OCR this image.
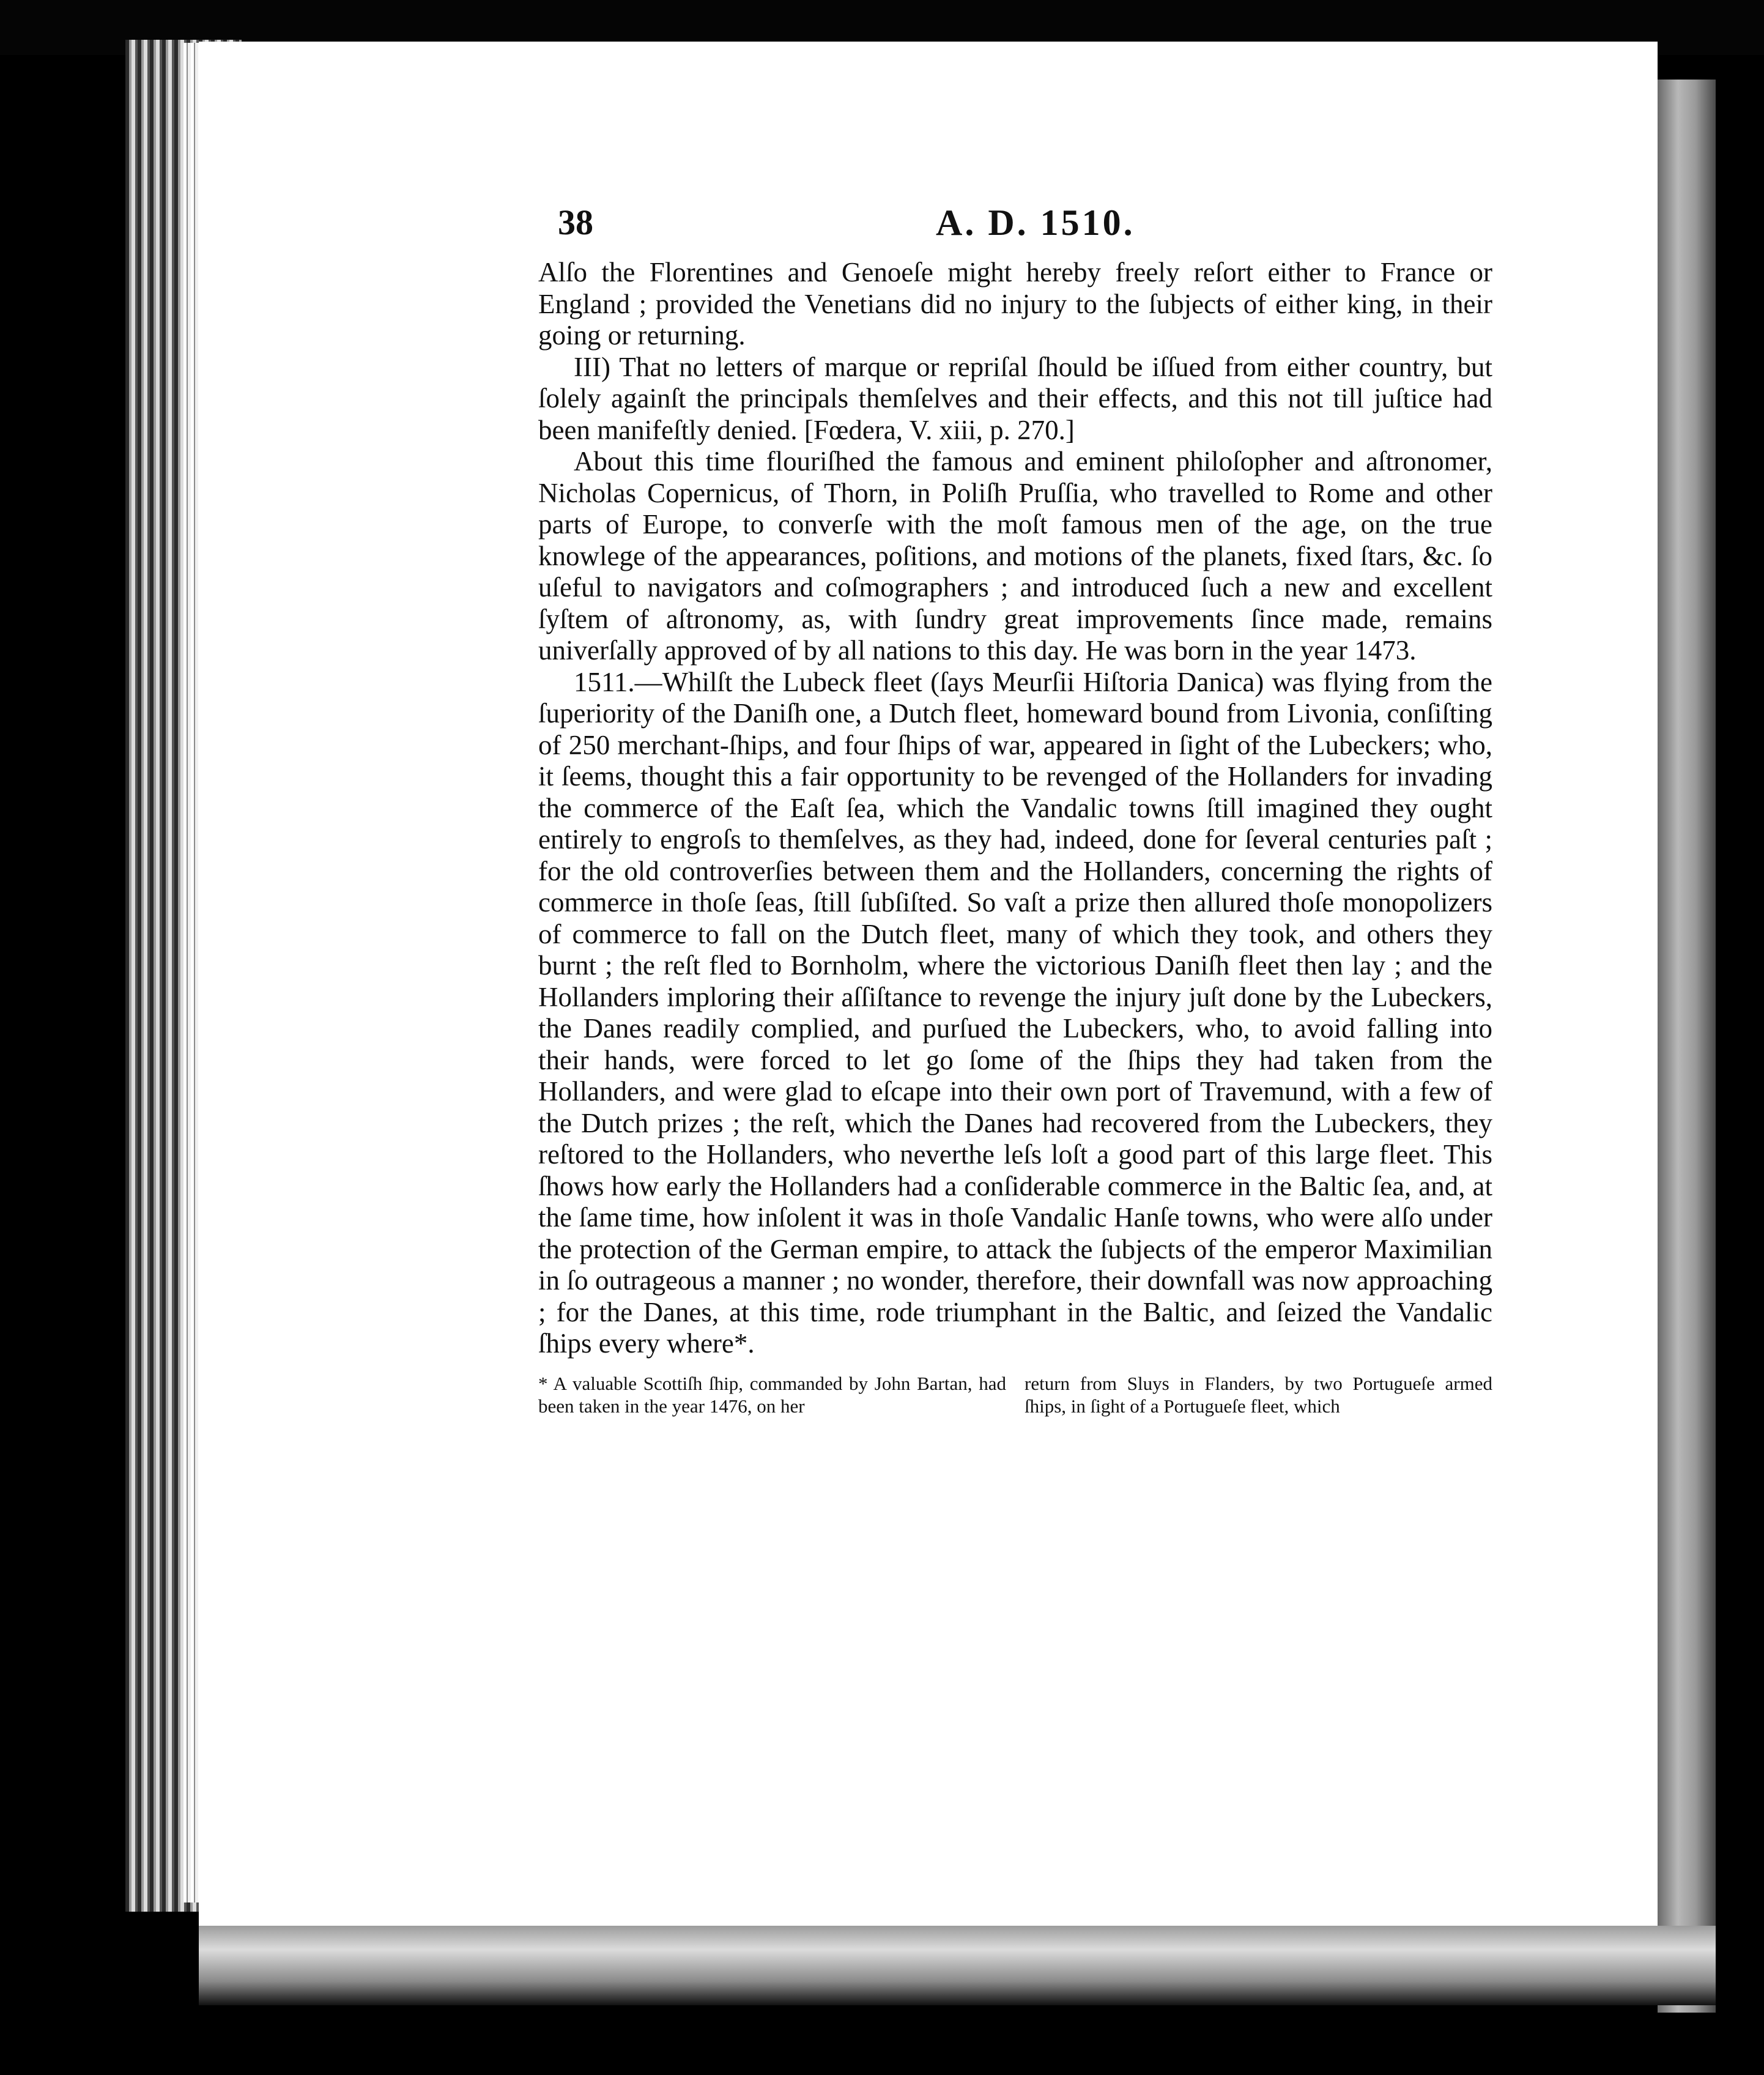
38	A. D. 1510.

Alſo the Florentines and Genoeſe might hereby freely reſort either to France or England ; provided the Venetians did no injury to the ſubjects of either king, in their going or returning.

III) That no letters of marque or repriſal ſhould be iſſued from either country, but ſolely againſt the principals themſelves and their effects, and this not till juſtice had been manifeſtly denied. [Fœdera, V. xiii, p. 270.]

About this time flouriſhed the famous and eminent philoſopher and aſtronomer, Nicholas Copernicus, of Thorn, in Poliſh Pruſſia, who travelled to Rome and other parts of Europe, to converſe with the moſt famous men of the age, on the true knowlege of the appearances, poſitions, and motions of the planets, fixed ſtars, &c. ſo uſeful to navigators and coſmographers ; and introduced ſuch a new and excellent ſyſtem of aſtronomy, as, with ſundry great improvements ſince made, remains univerſally approved of by all nations to this day. He was born in the year 1473.

1511.—Whilſt the Lubeck fleet (ſays Meurſii Hiſtoria Danica) was flying from the ſuperiority of the Daniſh one, a Dutch fleet, homeward bound from Livonia, conſiſting of 250 merchant-ſhips, and four ſhips of war, appeared in ſight of the Lubeckers; who, it ſeems, thought this a fair opportunity to be revenged of the Hollanders for invading the commerce of the Eaſt ſea, which the Vandalic towns ſtill imagined they ought entirely to engroſs to themſelves, as they had, indeed, done for ſeveral centuries paſt ; for the old controverſies between them and the Hollanders, concerning the rights of commerce in thoſe ſeas, ſtill ſubſiſted. So vaſt a prize then allured thoſe monopolizers of commerce to fall on the Dutch fleet, many of which they took, and others they burnt ; the reſt fled to Bornholm, where the victorious Daniſh fleet then lay ; and the Hollanders imploring their aſſiſtance to revenge the injury juſt done by the Lubeckers, the Danes readily complied, and purſued the Lubeckers, who, to avoid falling into their hands, were forced to let go ſome of the ſhips they had taken from the Hollanders, and were glad to eſcape into their own port of Travemund, with a few of the Dutch prizes ; the reſt, which the Danes had recovered from the Lubeckers, they reſtored to the Hollanders, who neverthe leſs loſt a good part of this large fleet. This ſhows how early the Hollanders had a conſiderable commerce in the Baltic ſea, and, at the ſame time, how inſolent it was in thoſe Vandalic Hanſe towns, who were alſo under the protection of the German empire, to attack the ſubjects of the emperor Maximilian in ſo outrageous a manner ; no wonder, therefore, their downfall was now approaching ; for the Danes, at this time, rode triumphant in the Baltic, and ſeized the Vandalic ſhips every where*.

* A valuable Scottiſh ſhip, commanded by John Bartan, had been taken in the year 1476, on her
return from Sluys in Flanders, by two Portugueſe armed ſhips, in ſight of a Portugueſe fleet, which
